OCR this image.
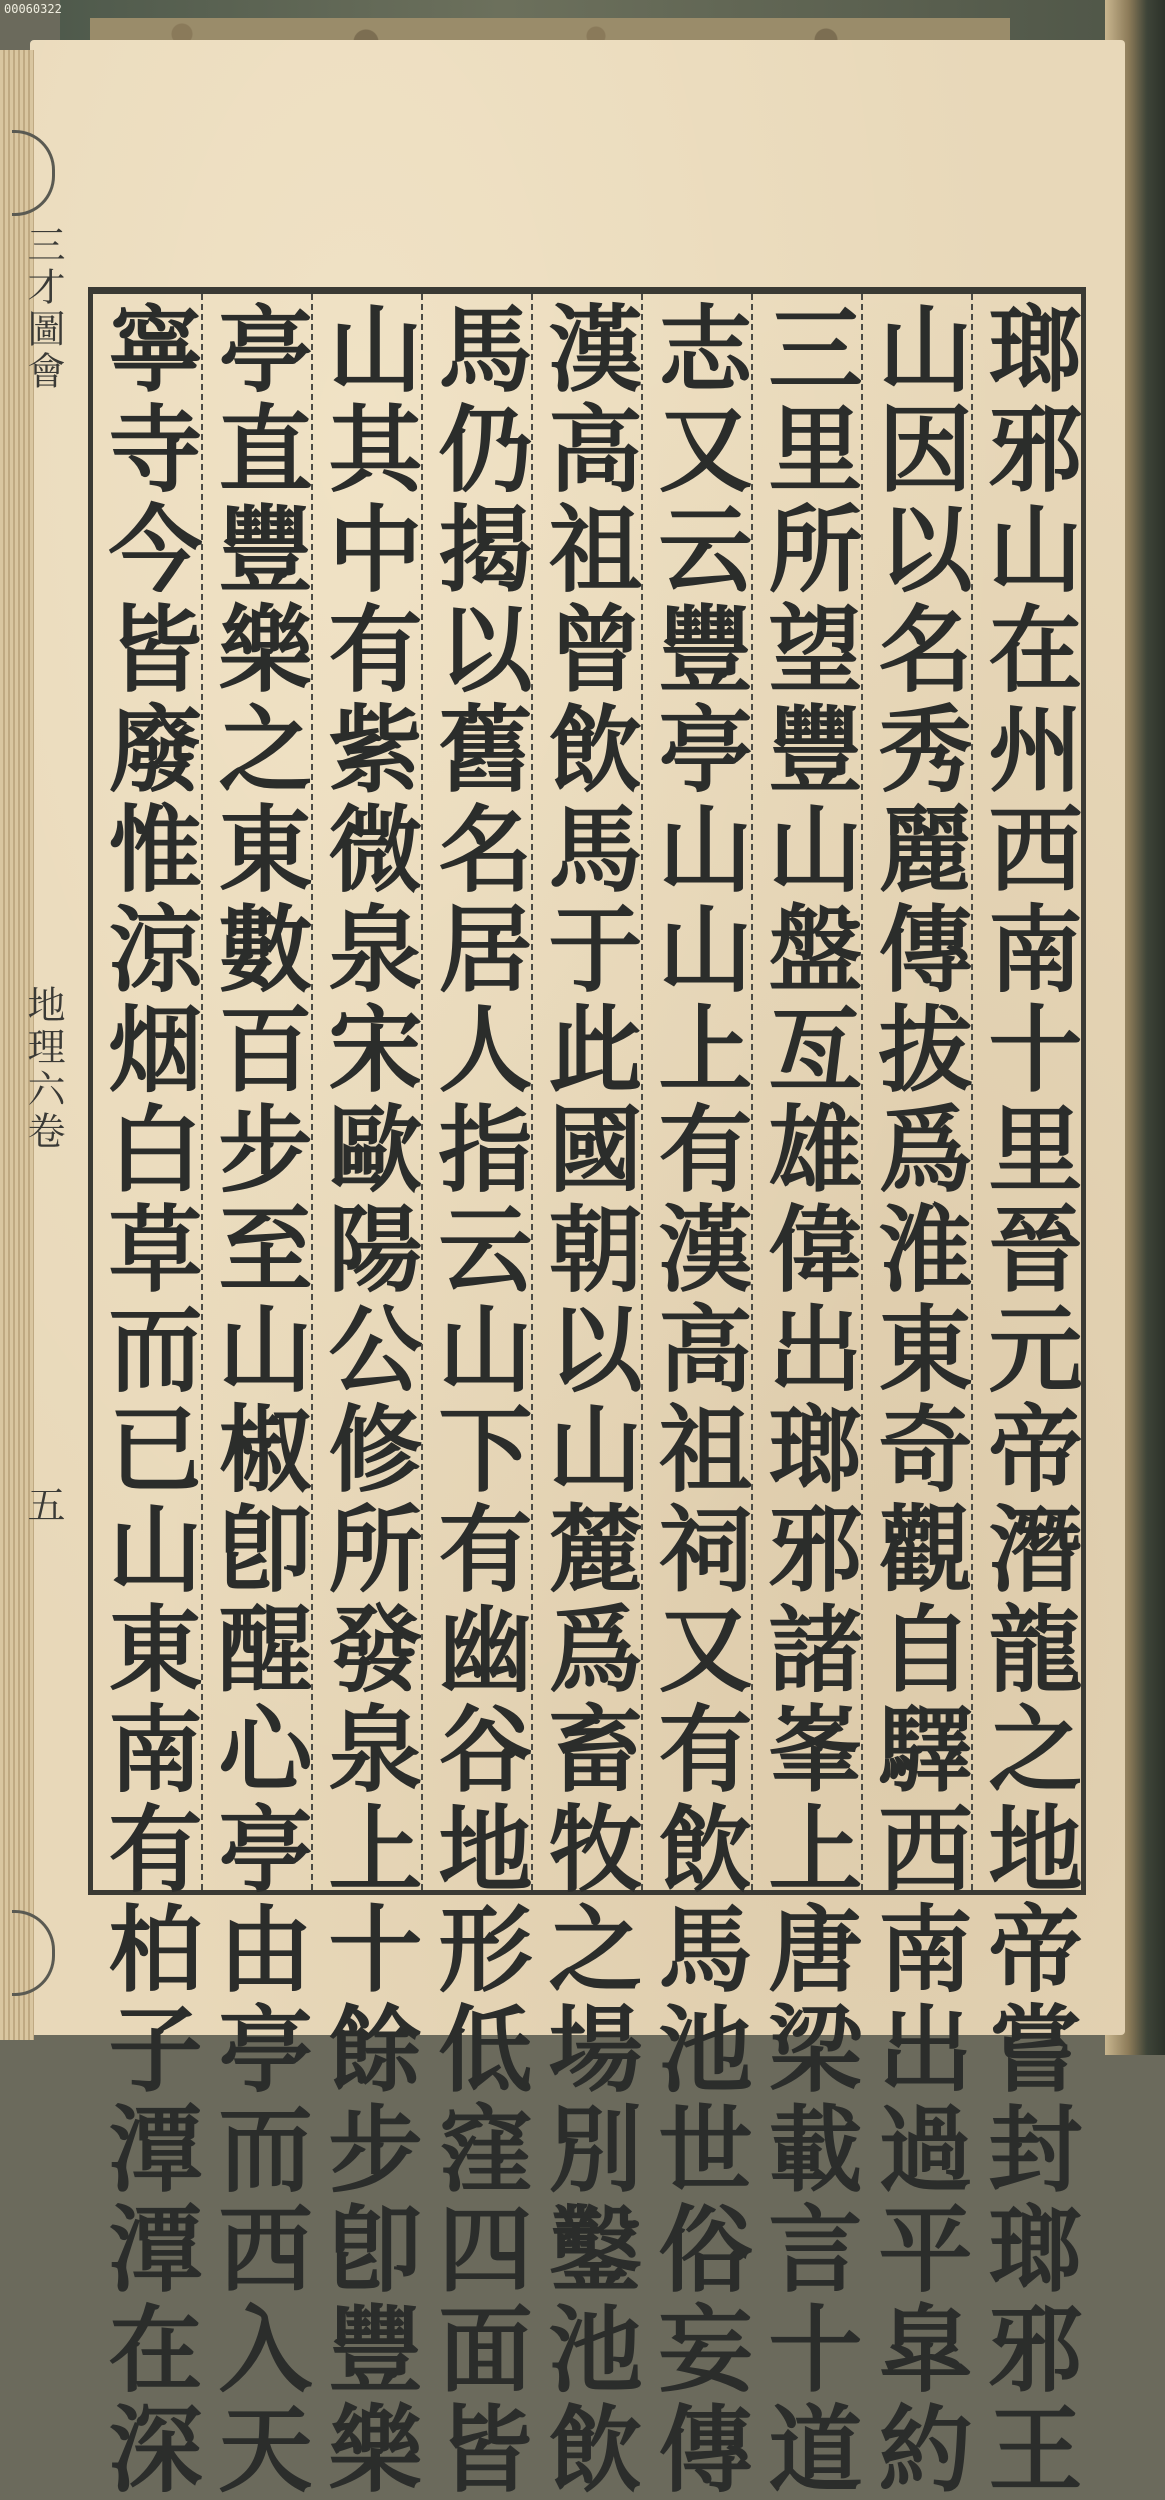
00060322
三才圖會
地理六卷
五	瑯邪山在州西南十里晉元帝潛龍之地帝嘗封瑯邪王
山因以名秀麗傳拔爲淮東奇觀自驛西南出過平皐約
三里所望豐山盤亙雄偉出瑯邪諸峯上唐梁載言十道
志又云豐亭山山上有漢高祖祠又有飲馬池世俗妄傳
漢高祖曾飲馬于此國朝以山麓爲畜牧之場別鑿池飲
馬仍揭以舊名居人指云山下有幽谷地形低窪四面皆
山其中有紫微泉宋歐陽公修所發泉上十餘步卽豐樂
亭直豐樂之東數百步至山椒卽醒心亭由亭而西入天
寧寺今皆廢惟涼烟白草而已山東南有柏子潭潭在深
